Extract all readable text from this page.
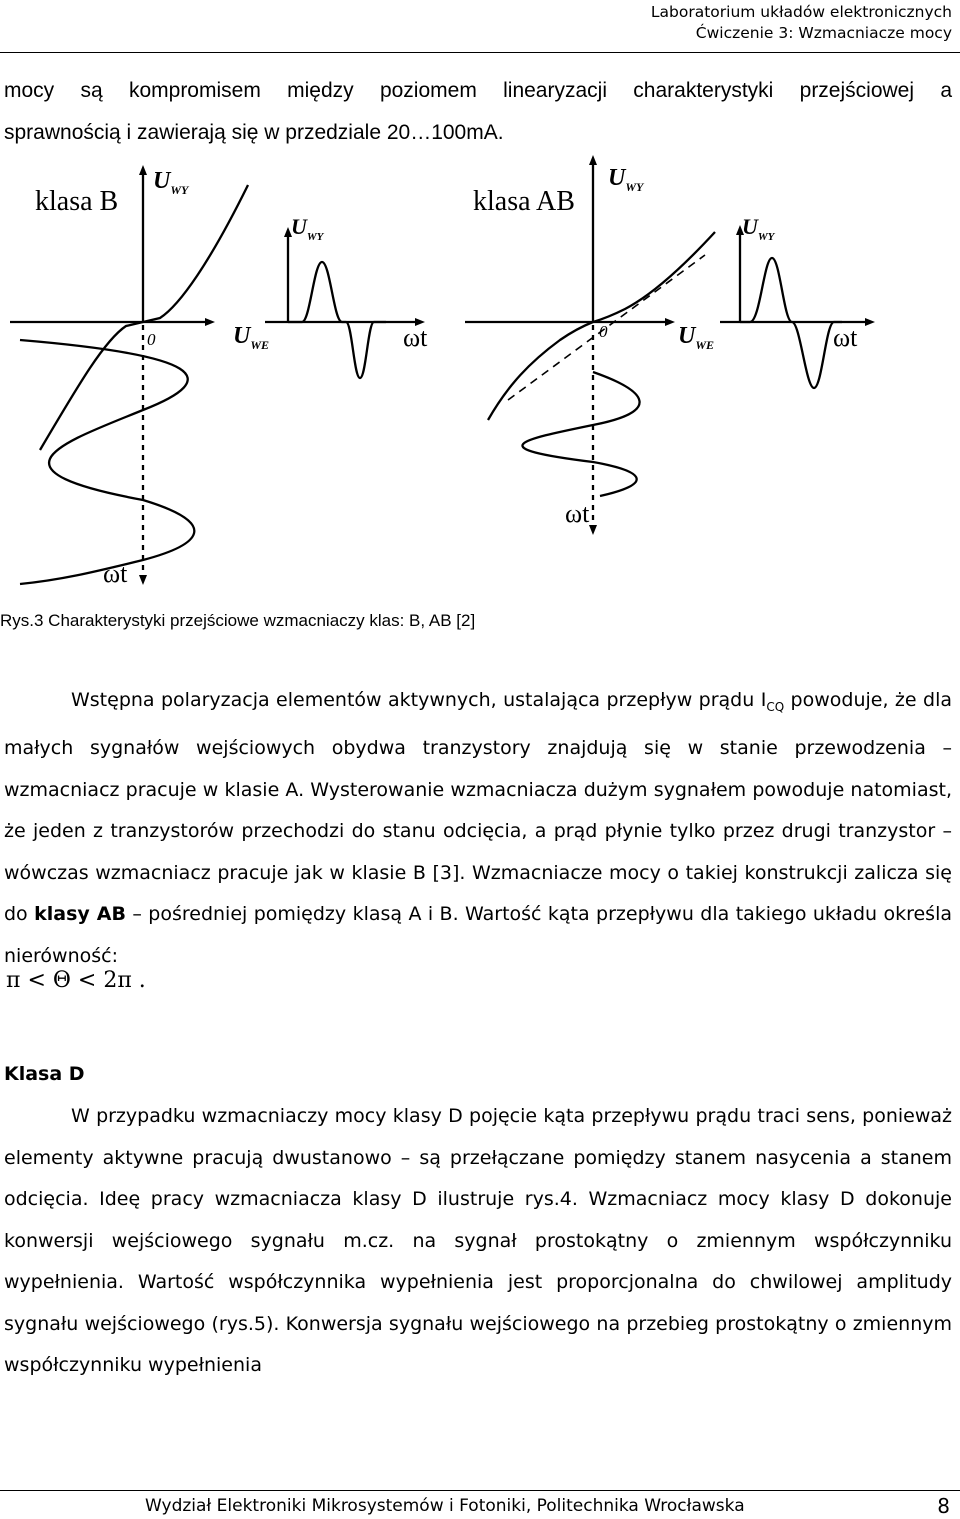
Laboratorium układów elektronicznych
Ćwiczenie 3: Wzmacniacze mocy
mocy są kompromisem między poziomem linearyzacji charakterystyki przejściowej a
sprawnością i zawierają się w przedziale 20…100mA.
klasa B
$U_{WY}$
$U_{WY}$
0	$U_{WE}$	ωt
ωt
klasa AB
$U_{WY}$
$U_{WY}$
0	$U_{WE}$	ωt
ωt
Rys.3 Charakterystyki przejściowe wzmacniaczy klas: B, AB [2]

Wstępna polaryzacja elementów aktywnych, ustalająca przepływ prądu $I_{CQ}$ powoduje, że dla małych sygnałów wejściowych obydwa tranzystory znajdują się w stanie przewodzenia – wzmacniacz pracuje w klasie A. Wysterowanie wzmacniacza dużym sygnałem powoduje natomiast, że jeden z tranzystorów przechodzi do stanu odcięcia, a prąd płynie tylko przez drugi tranzystor – wówczas wzmacniacz pracuje jak w klasie B [3]. Wzmacniacze mocy o takiej konstrukcji zalicza się do klasy AB – pośredniej pomiędzy klasą A i B. Wartość kąta przepływu dla takiego układu określa nierówność:

π < Θ < 2π .
Klasa D

W przypadku wzmacniaczy mocy klasy D pojęcie kąta przepływu prądu traci sens, ponieważ elementy aktywne pracują dwustanowo – są przełączane pomiędzy stanem nasycenia a stanem odcięcia. Ideę pracy wzmacniacza klasy D ilustruje rys.4. Wzmacniacz mocy klasy D dokonuje konwersji wejściowego sygnału m.cz. na sygnał prostokątny o zmiennym współczynniku wypełnienia. Wartość współczynnika wypełnienia jest proporcjonalna do chwilowej amplitudy sygnału wejściowego (rys.5). Konwersja sygnału wejściowego na przebieg prostokątny o zmiennym współczynniku wypełnienia

Wydział Elektroniki Mikrosystemów i Fotoniki, Politechnika Wrocławska	8
